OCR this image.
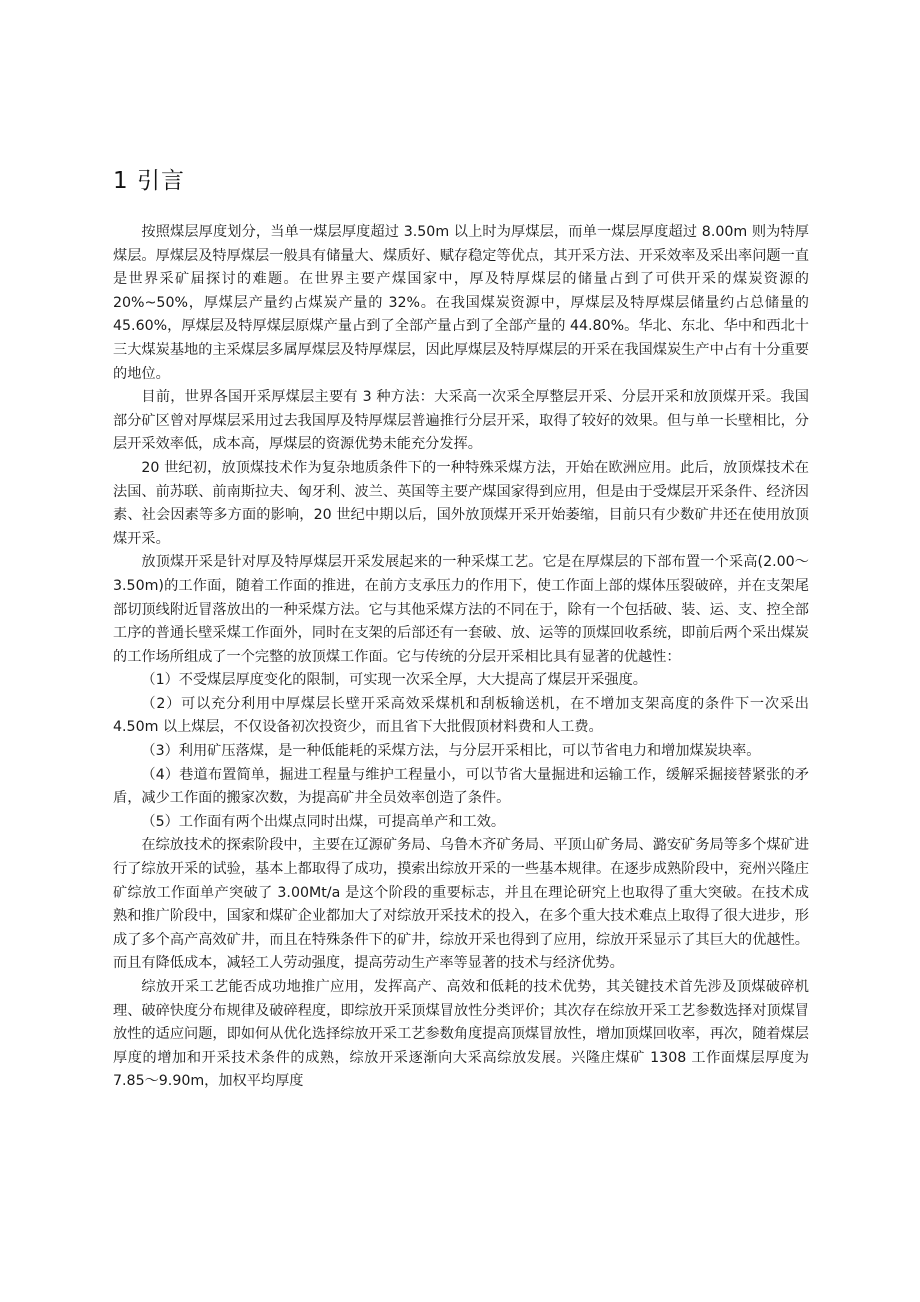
1 引言

按照煤层厚度划分，当单一煤层厚度超过 3.50m 以上时为厚煤层，而单一煤层厚度超过 8.00m 则为特厚煤层。厚煤层及特厚煤层一般具有储量大、煤质好、赋存稳定等优点，其开采方法、开采效率及采出率问题一直是世界采矿届探讨的难题。在世界主要产煤国家中，厚及特厚煤层的储量占到了可供开采的煤炭资源的 20%~50%，厚煤层产量约占煤炭产量的 32%。在我国煤炭资源中，厚煤层及特厚煤层储量约占总储量的 45.60%，厚煤层及特厚煤层原煤产量占到了全部产量占到了全部产量的 44.80%。华北、东北、华中和西北十三大煤炭基地的主采煤层多属厚煤层及特厚煤层，因此厚煤层及特厚煤层的开采在我国煤炭生产中占有十分重要的地位。

目前，世界各国开采厚煤层主要有 3 种方法：大采高一次采全厚整层开采、分层开采和放顶煤开采。我国部分矿区曾对厚煤层采用过去我国厚及特厚煤层普遍推行分层开采，取得了较好的效果。但与单一长壁相比，分层开采效率低，成本高，厚煤层的资源优势未能充分发挥。

20 世纪初，放顶煤技术作为复杂地质条件下的一种特殊采煤方法，开始在欧洲应用。此后，放顶煤技术在法国、前苏联、前南斯拉夫、匈牙利、波兰、英国等主要产煤国家得到应用，但是由于受煤层开采条件、经济因素、社会因素等多方面的影响，20 世纪中期以后，国外放顶煤开采开始萎缩，目前只有少数矿井还在使用放顶煤开采。

放顶煤开采是针对厚及特厚煤层开采发展起来的一种采煤工艺。它是在厚煤层的下部布置一个采高(2.00～3.50m)的工作面，随着工作面的推进，在前方支承压力的作用下，使工作面上部的煤体压裂破碎，并在支架尾部切顶线附近冒落放出的一种采煤方法。它与其他采煤方法的不同在于，除有一个包括破、装、运、支、控全部工序的普通长壁采煤工作面外，同时在支架的后部还有一套破、放、运等的顶煤回收系统，即前后两个采出煤炭的工作场所组成了一个完整的放顶煤工作面。它与传统的分层开采相比具有显著的优越性：

（1）不受煤层厚度变化的限制，可实现一次采全厚，大大提高了煤层开采强度。

（2）可以充分利用中厚煤层长壁开采高效采煤机和刮板输送机，在不增加支架高度的条件下一次采出 4.50m 以上煤层，不仅设备初次投资少，而且省下大批假顶材料费和人工费。

（3）利用矿压落煤，是一种低能耗的采煤方法，与分层开采相比，可以节省电力和增加煤炭块率。

（4）巷道布置简单，掘进工程量与维护工程量小，可以节省大量掘进和运输工作，缓解采掘接替紧张的矛盾，减少工作面的搬家次数，为提高矿井全员效率创造了条件。

（5）工作面有两个出煤点同时出煤，可提高单产和工效。

在综放技术的探索阶段中，主要在辽源矿务局、乌鲁木齐矿务局、平顶山矿务局、潞安矿务局等多个煤矿进行了综放开采的试验，基本上都取得了成功，摸索出综放开采的一些基本规律。在逐步成熟阶段中，兖州兴隆庄矿综放工作面单产突破了 3.00Mt/a 是这个阶段的重要标志，并且在理论研究上也取得了重大突破。在技术成熟和推广阶段中，国家和煤矿企业都加大了对综放开采技术的投入，在多个重大技术难点上取得了很大进步，形成了多个高产高效矿井，而且在特殊条件下的矿井，综放开采也得到了应用，综放开采显示了其巨大的优越性。而且有降低成本，减轻工人劳动强度，提高劳动生产率等显著的技术与经济优势。

综放开采工艺能否成功地推广应用，发挥高产、高效和低耗的技术优势，其关键技术首先涉及顶煤破碎机理、破碎快度分布规律及破碎程度，即综放开采顶煤冒放性分类评价；其次存在综放开采工艺参数选择对顶煤冒放性的适应问题，即如何从优化选择综放开采工艺参数角度提高顶煤冒放性，增加顶煤回收率，再次，随着煤层厚度的增加和开采技术条件的成熟，综放开采逐渐向大采高综放发展。兴隆庄煤矿 1308 工作面煤层厚度为 7.85～9.90m，加权平均厚度
